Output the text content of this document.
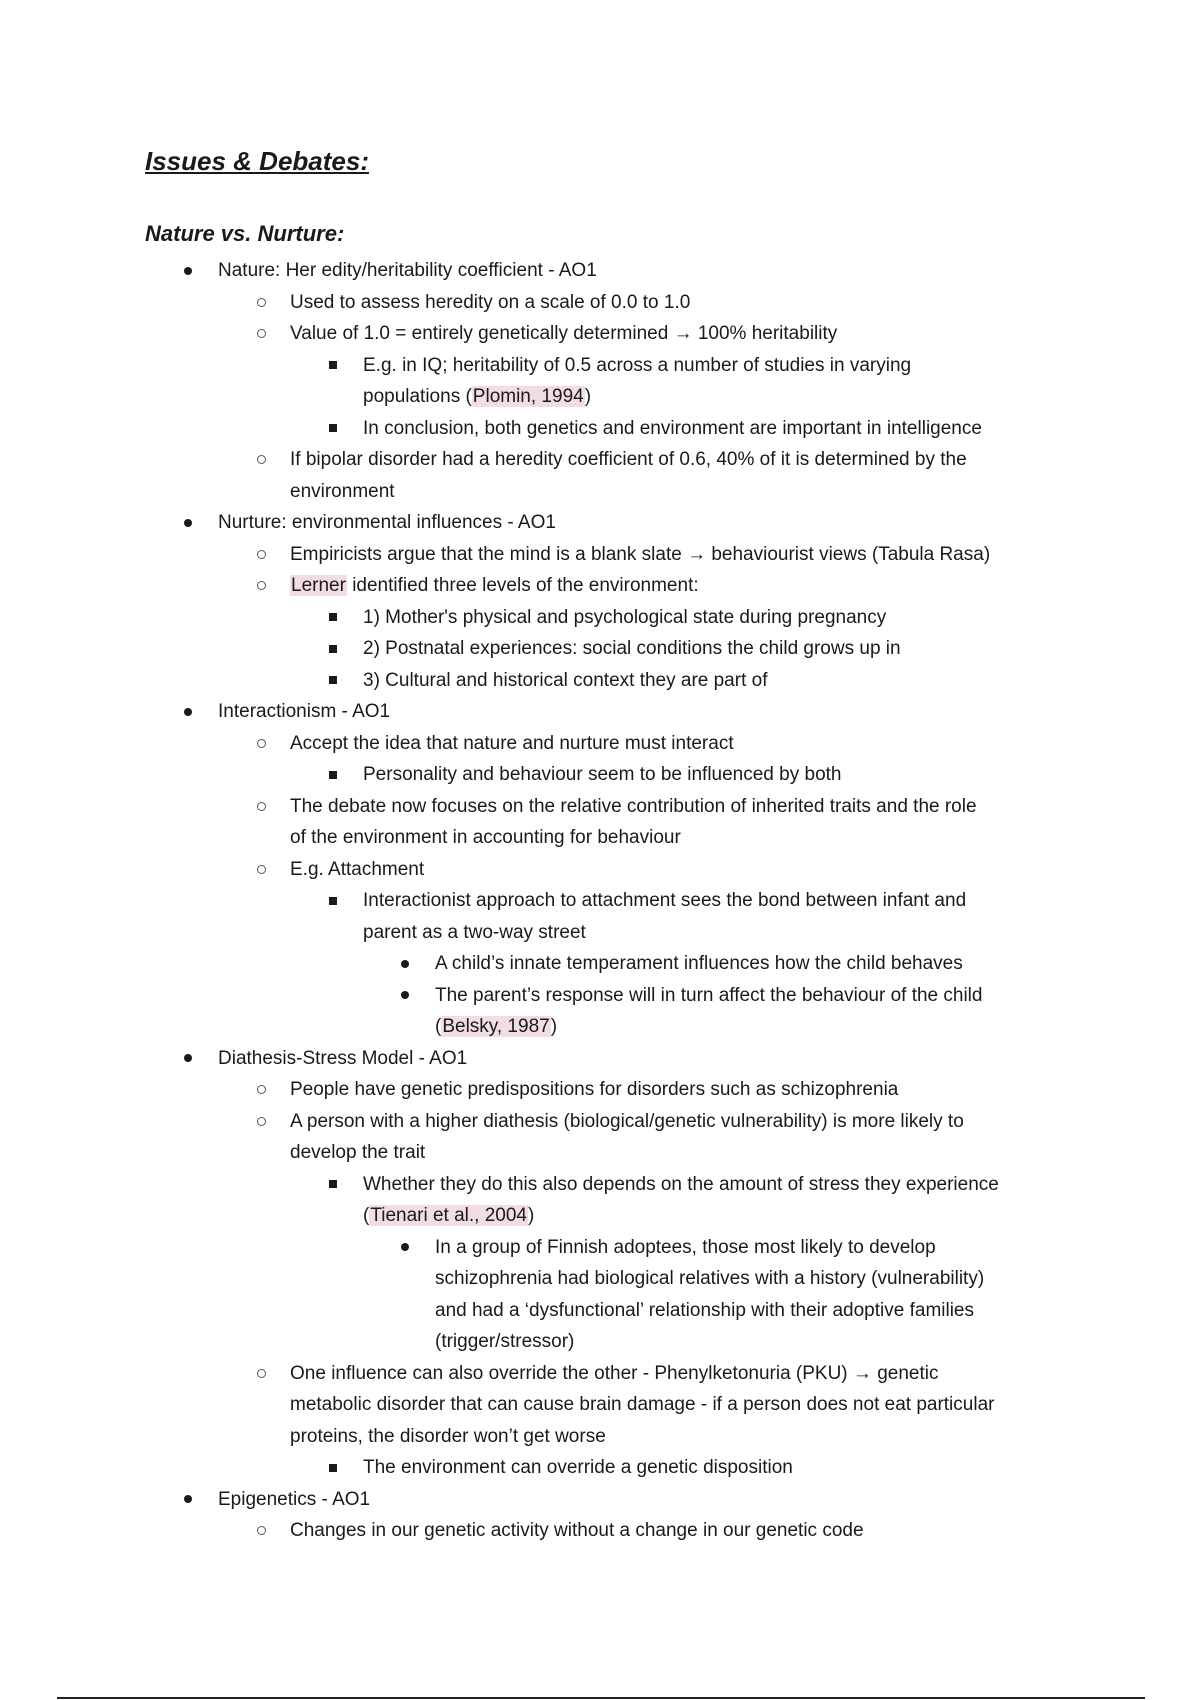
Issues & Debates:
Nature vs. Nurture:
Nature: Her edity/heritability coefficient - AO1
Used to assess heredity on a scale of 0.0 to 1.0
Value of 1.0 = entirely genetically determined → 100% heritability
E.g. in IQ; heritability of 0.5 across a number of studies in varying
populations (Plomin, 1994)
In conclusion, both genetics and environment are important in intelligence
If bipolar disorder had a heredity coefficient of 0.6, 40% of it is determined by the
environment
Nurture: environmental influences - AO1
Empiricists argue that the mind is a blank slate → behaviourist views (Tabula Rasa)
Lerner identified three levels of the environment:
1) Mother's physical and psychological state during pregnancy
2) Postnatal experiences: social conditions the child grows up in
3) Cultural and historical context they are part of
Interactionism - AO1
Accept the idea that nature and nurture must interact
Personality and behaviour seem to be influenced by both
The debate now focuses on the relative contribution of inherited traits and the role
of the environment in accounting for behaviour
E.g. Attachment
Interactionist approach to attachment sees the bond between infant and
parent as a two-way street
A child’s innate temperament influences how the child behaves
The parent’s response will in turn affect the behaviour of the child
(Belsky, 1987)
Diathesis-Stress Model - AO1
People have genetic predispositions for disorders such as schizophrenia
A person with a higher diathesis (biological/genetic vulnerability) is more likely to
develop the trait
Whether they do this also depends on the amount of stress they experience
(Tienari et al., 2004)
In a group of Finnish adoptees, those most likely to develop
schizophrenia had biological relatives with a history (vulnerability)
and had a ‘dysfunctional’ relationship with their adoptive families
(trigger/stressor)
One influence can also override the other - Phenylketonuria (PKU) → genetic
metabolic disorder that can cause brain damage - if a person does not eat particular
proteins, the disorder won’t get worse
The environment can override a genetic disposition
Epigenetics - AO1
Changes in our genetic activity without a change in our genetic code
